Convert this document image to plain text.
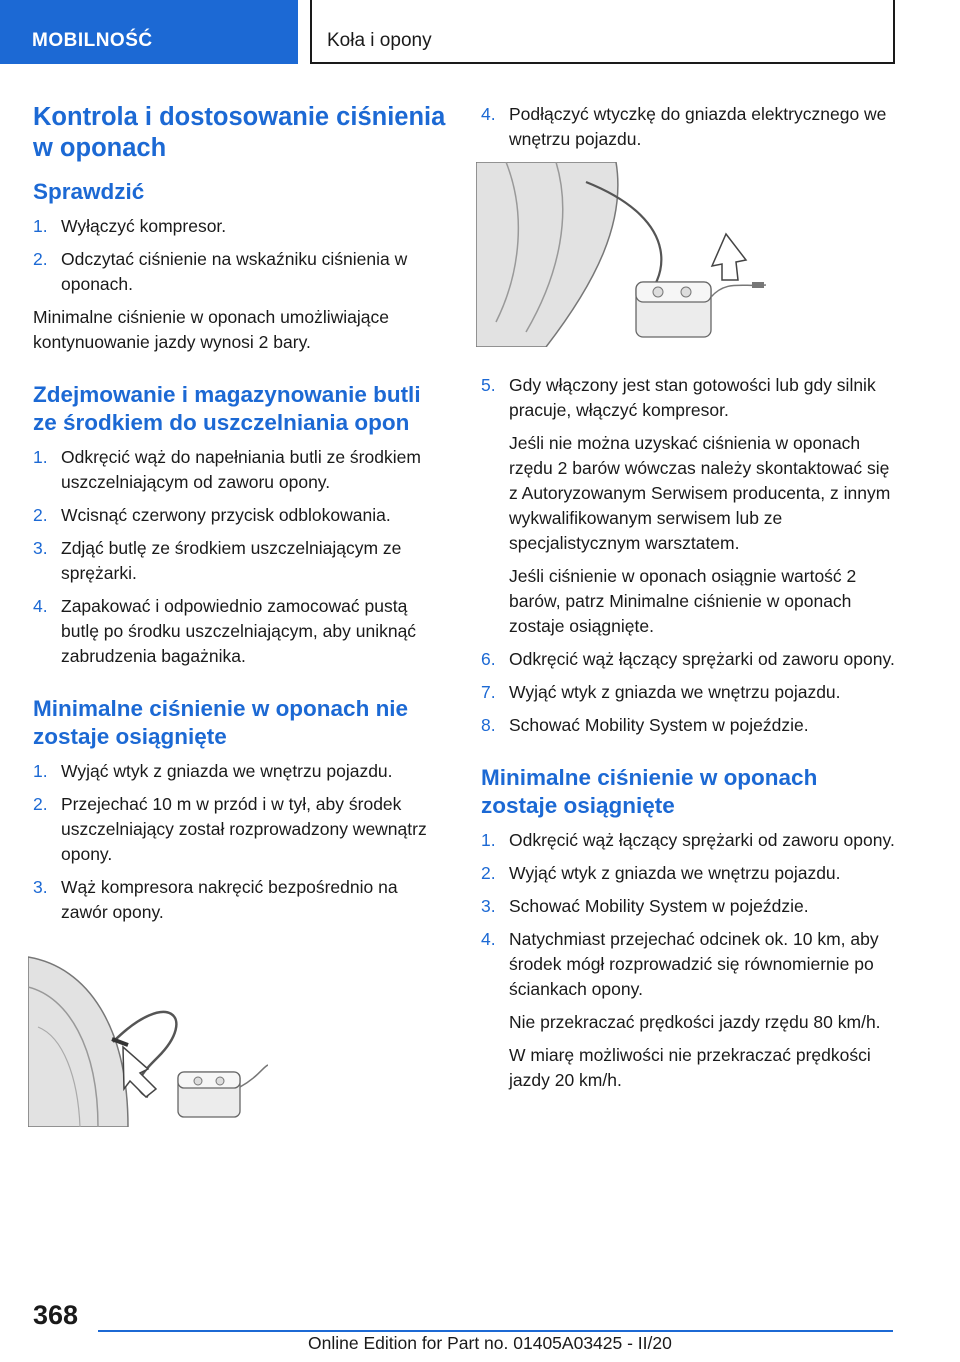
MOBILNOŚĆ	Koła i opony
Kontrola i dostosowanie ciśnienia w oponach
Sprawdzić
1. Wyłączyć kompresor.
2. Odczytać ciśnienie na wskaźniku ciśnienia w oponach.

Minimalne ciśnienie w oponach umożliwiające kontynuowanie jazdy wynosi 2 bary.

Zdejmowanie i magazynowanie butli ze środkiem do uszczelniania opon
1. Odkręcić wąż do napełniania butli ze środkiem uszczelniającym od zaworu opony.
2. Wcisnąć czerwony przycisk odblokowania.
3. Zdjąć butlę ze środkiem uszczelniającym ze sprężarki.
4. Zapakować i odpowiednio zamocować pustą butlę po środku uszczelniającym, aby uniknąć zabrudzenia bagażnika.
Minimalne ciśnienie w oponach nie zostaje osiągnięte
1. Wyjąć wtyk z gniazda we wnętrzu pojazdu.
2. Przejechać 10 m w przód i w tył, aby środek uszczelniający został rozprowadzony wewnątrz opony.
3. Wąż kompresora nakręcić bezpośrednio na zawór opony.
4. Podłączyć wtyczkę do gniazda elektrycznego we wnętrzu pojazdu.
5. Gdy włączony jest stan gotowości lub gdy silnik pracuje, włączyć kompresor.

Jeśli nie można uzyskać ciśnienia w oponach rzędu 2 barów wówczas należy skontaktować się z Autoryzowanym Serwisem producenta, z innym wykwalifikowanym serwisem lub ze specjalistycznym warsztatem.

Jeśli ciśnienie w oponach osiągnie wartość 2 barów, patrz Minimalne ciśnienie w oponach zostaje osiągnięte.

6. Odkręcić wąż łączący sprężarki od zaworu opony.
7. Wyjąć wtyk z gniazda we wnętrzu pojazdu.
8. Schować Mobility System w pojeździe.
Minimalne ciśnienie w oponach zostaje osiągnięte
1. Odkręcić wąż łączący sprężarki od zaworu opony.
2. Wyjąć wtyk z gniazda we wnętrzu pojazdu.
3. Schować Mobility System w pojeździe.
4. Natychmiast przejechać odcinek ok. 10 km, aby środek mógł rozprowadzić się równomiernie po ściankach opony.

Nie przekraczać prędkości jazdy rzędu 80 km/h.

W miarę możliwości nie przekraczać prędkości jazdy 20 km/h.

368
Online Edition for Part no. 01405A03425 - II/20
